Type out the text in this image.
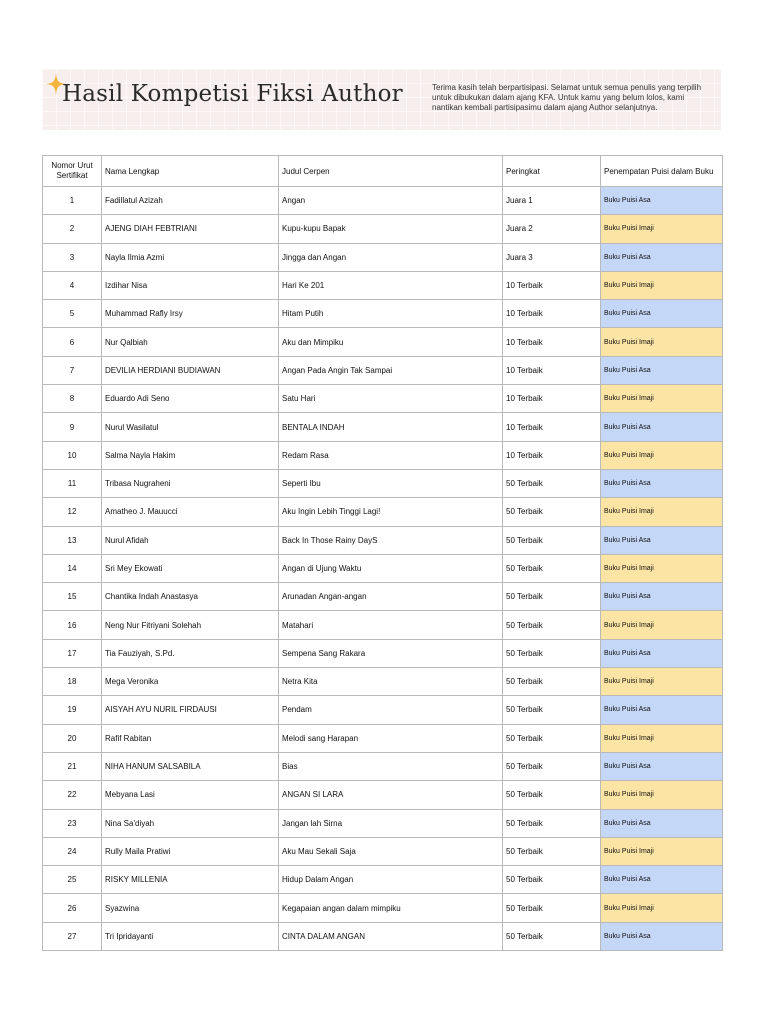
Hasil Kompetisi Fiksi Author	Terima kasih telah berpartisipasi. Selamat untuk semua penulis yang terpilih untuk dibukukan dalam ajang KFA. Untuk kamu yang belum lolos, kami nantikan kembali partisipasimu dalam ajang Author selanjutnya.
Nomor Urut Sertifikat	Nama Lengkap	Judul Cerpen	Peringkat	Penempatan Puisi dalam Buku
1	Fadillatul Azizah	Angan	Juara 1	Buku Puisi Asa
2	AJENG DIAH FEBTRIANI	Kupu-kupu Bapak	Juara 2	Buku Puisi Imaji
3	Nayla Ilmia Azmi	Jingga dan Angan	Juara 3	Buku Puisi Asa
4	Izdihar Nisa	Hari Ke 201	10 Terbaik	Buku Puisi Imaji
5	Muhammad Rafly Irsy	Hitam Putih	10 Terbaik	Buku Puisi Asa
6	Nur Qalbiah	Aku dan Mimpiku	10 Terbaik	Buku Puisi Imaji
7	DEVILIA HERDIANI BUDIAWAN	Angan Pada Angin Tak Sampai	10 Terbaik	Buku Puisi Asa
8	Eduardo Adi Seno	Satu Hari	10 Terbaik	Buku Puisi Imaji
9	Nurul Wasilatul	BENTALA INDAH	10 Terbaik	Buku Puisi Asa
10	Salma Nayla Hakim	Redam Rasa	10 Terbaik	Buku Puisi Imaji
11	Tribasa Nugraheni	Seperti Ibu	50 Terbaik	Buku Puisi Asa
12	Amatheo J. Mauucci	Aku Ingin Lebih Tinggi Lagi!	50 Terbaik	Buku Puisi Imaji
13	Nurul Afidah	Back In Those Rainy DayS	50 Terbaik	Buku Puisi Asa
14	Sri Mey Ekowati	Angan di Ujung Waktu	50 Terbaik	Buku Puisi Imaji
15	Chantika Indah Anastasya	Arunadan Angan-angan	50 Terbaik	Buku Puisi Asa
16	Neng Nur Fitriyani Solehah	Matahari	50 Terbaik	Buku Puisi Imaji
17	Tia Fauziyah, S.Pd.	Sempena Sang Rakara	50 Terbaik	Buku Puisi Asa
18	Mega Veronika	Netra Kita	50 Terbaik	Buku Puisi Imaji
19	AISYAH AYU NURIL FIRDAUSI	Pendam	50 Terbaik	Buku Puisi Asa
20	Rafif Rabitan	Melodi sang Harapan	50 Terbaik	Buku Puisi Imaji
21	NIHA HANUM SALSABILA	Bias	50 Terbaik	Buku Puisi Asa
22	Mebyana Lasi	ANGAN SI LARA	50 Terbaik	Buku Puisi Imaji
23	Nina Sa'diyah	Jangan lah Sirna	50 Terbaik	Buku Puisi Asa
24	Rully Maila Pratiwi	Aku Mau Sekali Saja	50 Terbaik	Buku Puisi Imaji
25	RISKY MILLENIA	Hidup Dalam Angan	50 Terbaik	Buku Puisi Asa
26	Syazwina	Kegapaian angan dalam mimpiku	50 Terbaik	Buku Puisi Imaji
27	Tri Ipridayanti	CINTA DALAM ANGAN	50 Terbaik	Buku Puisi Asa
